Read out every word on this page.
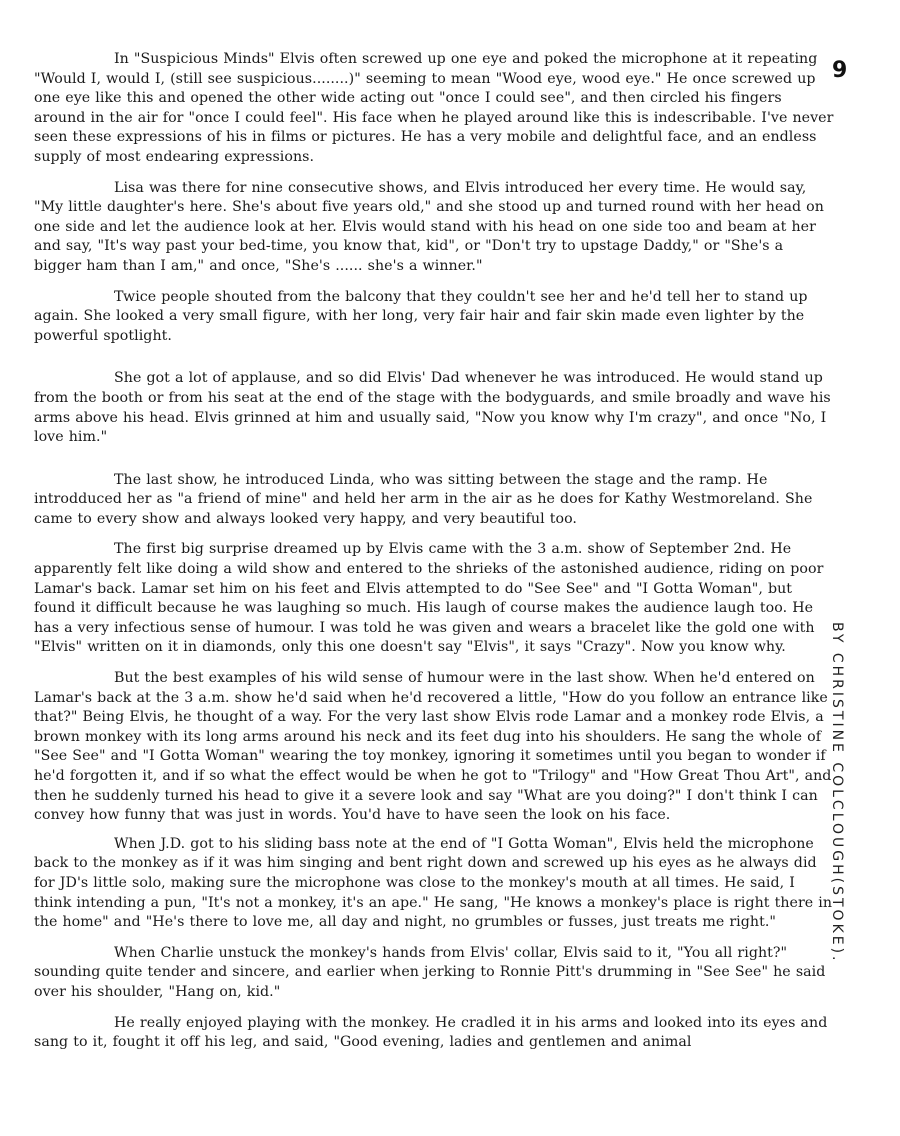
9

In "Suspicious Minds" Elvis often screwed up one eye and poked the microphone at it repeating "Would I, would I, (still see suspicious........)" seeming to mean "Wood eye, wood eye." He once screwed up one eye like this and opened the other wide acting out "once I could see", and then circled his fingers around in the air for "once I could feel". His face when he played around like this is indescribable. I've never seen these expressions of his in films or pictures. He has a very mobile and delightful face, and an endless supply of most endearing expressions.

Lisa was there for nine consecutive shows, and Elvis introduced her every time. He would say, "My little daughter's here. She's about five years old," and she stood up and turned round with her head on one side and let the audience look at her. Elvis would stand with his head on one side too and beam at her and say, "It's way past your bed-time, you know that, kid", or "Don't try to upstage Daddy," or "She's a bigger ham than I am," and once, "She's ...... she's a winner."

Twice people shouted from the balcony that they couldn't see her and he'd tell her to stand up again. She looked a very small figure, with her long, very fair hair and fair skin made even lighter by the powerful spotlight.

She got a lot of applause, and so did Elvis' Dad whenever he was introduced. He would stand up from the booth or from his seat at the end of the stage with the bodyguards, and smile broadly and wave his arms above his head. Elvis grinned at him and usually said, "Now you know why I'm crazy", and once "No, I love him."

The last show, he introduced Linda, who was sitting between the stage and the ramp. He introdduced her as "a friend of mine" and held her arm in the air as he does for Kathy Westmoreland. She came to every show and always looked very happy, and very beautiful too.

The first big surprise dreamed up by Elvis came with the 3 a.m. show of September 2nd. He apparently felt like doing a wild show and entered to the shrieks of the astonished audience, riding on poor Lamar's back. Lamar set him on his feet and Elvis attempted to do "See See" and "I Gotta Woman", but found it difficult because he was laughing so much. His laugh of course makes the audience laugh too. He has a very infectious sense of humour. I was told he was given and wears a bracelet like the gold one with "Elvis" written on it in diamonds, only this one doesn't say "Elvis", it says "Crazy". Now you know why.

But the best examples of his wild sense of humour were in the last show. When he'd entered on Lamar's back at the 3 a.m. show he'd said when he'd recovered a little, "How do you follow an entrance like that?" Being Elvis, he thought of a way. For the very last show Elvis rode Lamar and a monkey rode Elvis, a brown monkey with its long arms around his neck and its feet dug into his shoulders. He sang the whole of "See See" and "I Gotta Woman" wearing the toy monkey, ignoring it sometimes until you began to wonder if he'd forgotten it, and if so what the effect would be when he got to "Trilogy" and "How Great Thou Art", and then he suddenly turned his head to give it a severe look and say "What are you doing?" I don't think I can convey how funny that was just in words. You'd have to have seen the look on his face.

When J.D. got to his sliding bass note at the end of "I Gotta Woman", Elvis held the microphone back to the monkey as if it was him singing and bent right down and screwed up his eyes as he always did for JD's little solo, making sure the microphone was close to the monkey's mouth at all times. He said, I think intending a pun, "It's not a monkey, it's an ape." He sang, "He knows a monkey's place is right there in the home" and "He's there to love me, all day and night, no grumbles or fusses, just treats me right."

When Charlie unstuck the monkey's hands from Elvis' collar, Elvis said to it, "You all right?" sounding quite tender and sincere, and earlier when jerking to Ronnie Pitt's drumming in "See See" he said over his shoulder, "Hang on, kid."

He really enjoyed playing with the monkey. He cradled it in his arms and looked into its eyes and sang to it, fought it off his leg, and said, "Good evening, ladies and gentlemen and animal

BY CHRISTINE COLCLOUGH(STOKE).
